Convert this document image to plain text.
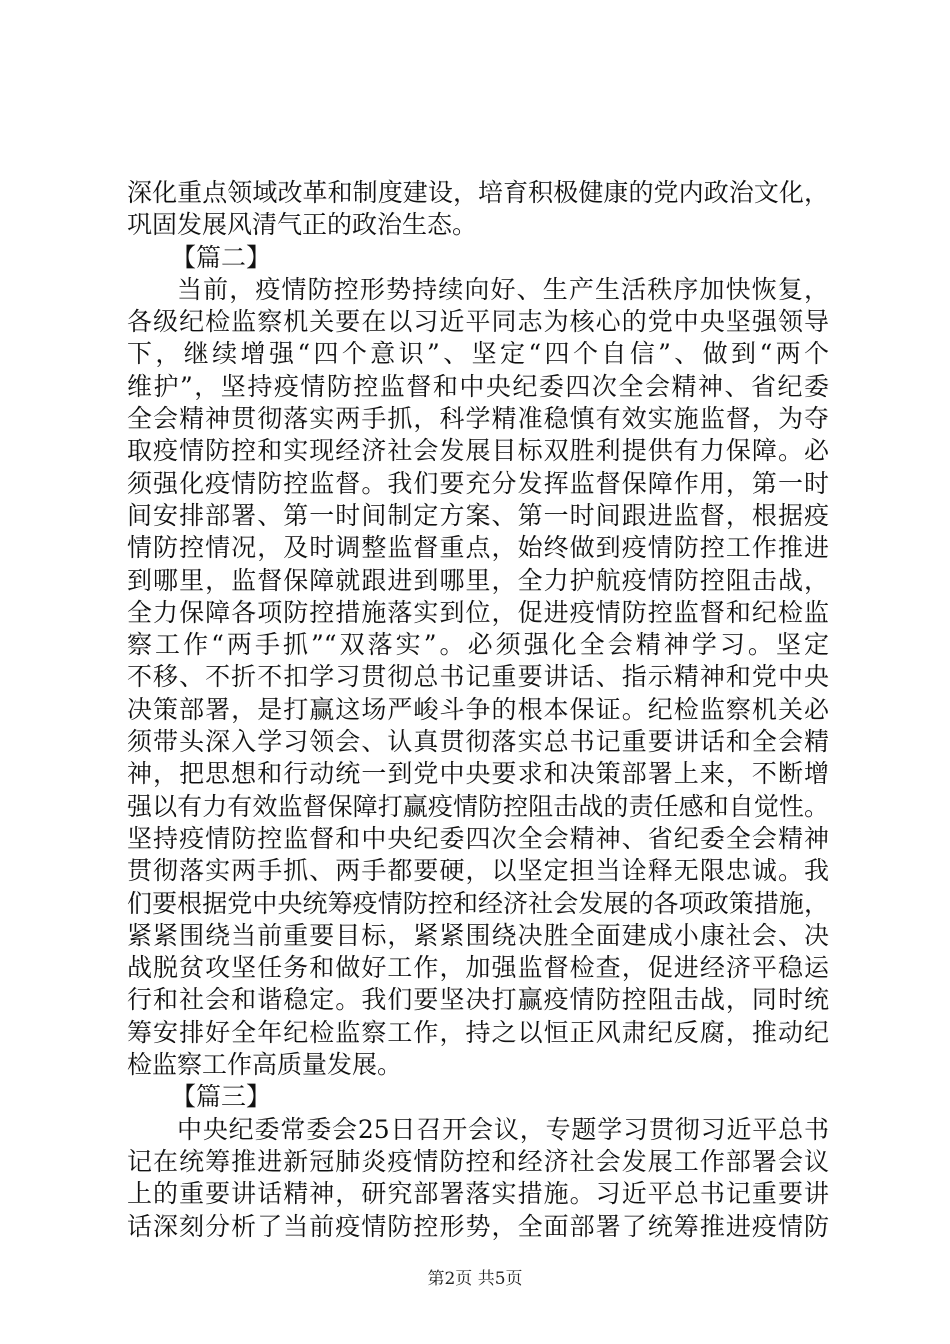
深化重点领域改革和制度建设，培育积极健康的党内政治文化，
巩固发展风清气正的政治生态。
【篇二】
当前，疫情防控形势持续向好、生产生活秩序加快恢复，
各级纪检监察机关要在以习近平同志为核心的党中央坚强领导
下，继续增强“四个意识”、坚定“四个自信”、做到“两个
维护”，坚持疫情防控监督和中央纪委四次全会精神、省纪委
全会精神贯彻落实两手抓，科学精准稳慎有效实施监督，为夺
取疫情防控和实现经济社会发展目标双胜利提供有力保障。必
须强化疫情防控监督。我们要充分发挥监督保障作用，第一时
间安排部署、第一时间制定方案、第一时间跟进监督，根据疫
情防控情况，及时调整监督重点，始终做到疫情防控工作推进
到哪里，监督保障就跟进到哪里，全力护航疫情防控阻击战，
全力保障各项防控措施落实到位，促进疫情防控监督和纪检监
察工作“两手抓”“双落实”。必须强化全会精神学习。坚定
不移、不折不扣学习贯彻总书记重要讲话、指示精神和党中央
决策部署，是打赢这场严峻斗争的根本保证。纪检监察机关必
须带头深入学习领会、认真贯彻落实总书记重要讲话和全会精
神，把思想和行动统一到党中央要求和决策部署上来，不断增
强以有力有效监督保障打赢疫情防控阻击战的责任感和自觉性。
坚持疫情防控监督和中央纪委四次全会精神、省纪委全会精神
贯彻落实两手抓、两手都要硬，以坚定担当诠释无限忠诚。我
们要根据党中央统筹疫情防控和经济社会发展的各项政策措施，
紧紧围绕当前重要目标，紧紧围绕决胜全面建成小康社会、决
战脱贫攻坚任务和做好工作，加强监督检查，促进经济平稳运
行和社会和谐稳定。我们要坚决打赢疫情防控阻击战，同时统
筹安排好全年纪检监察工作，持之以恒正风肃纪反腐，推动纪
检监察工作高质量发展。
【篇三】
中央纪委常委会25日召开会议，专题学习贯彻习近平总书
记在统筹推进新冠肺炎疫情防控和经济社会发展工作部署会议
上的重要讲话精神，研究部署落实措施。习近平总书记重要讲
话深刻分析了当前疫情防控形势，全面部署了统筹推进疫情防
第2页 共5页
